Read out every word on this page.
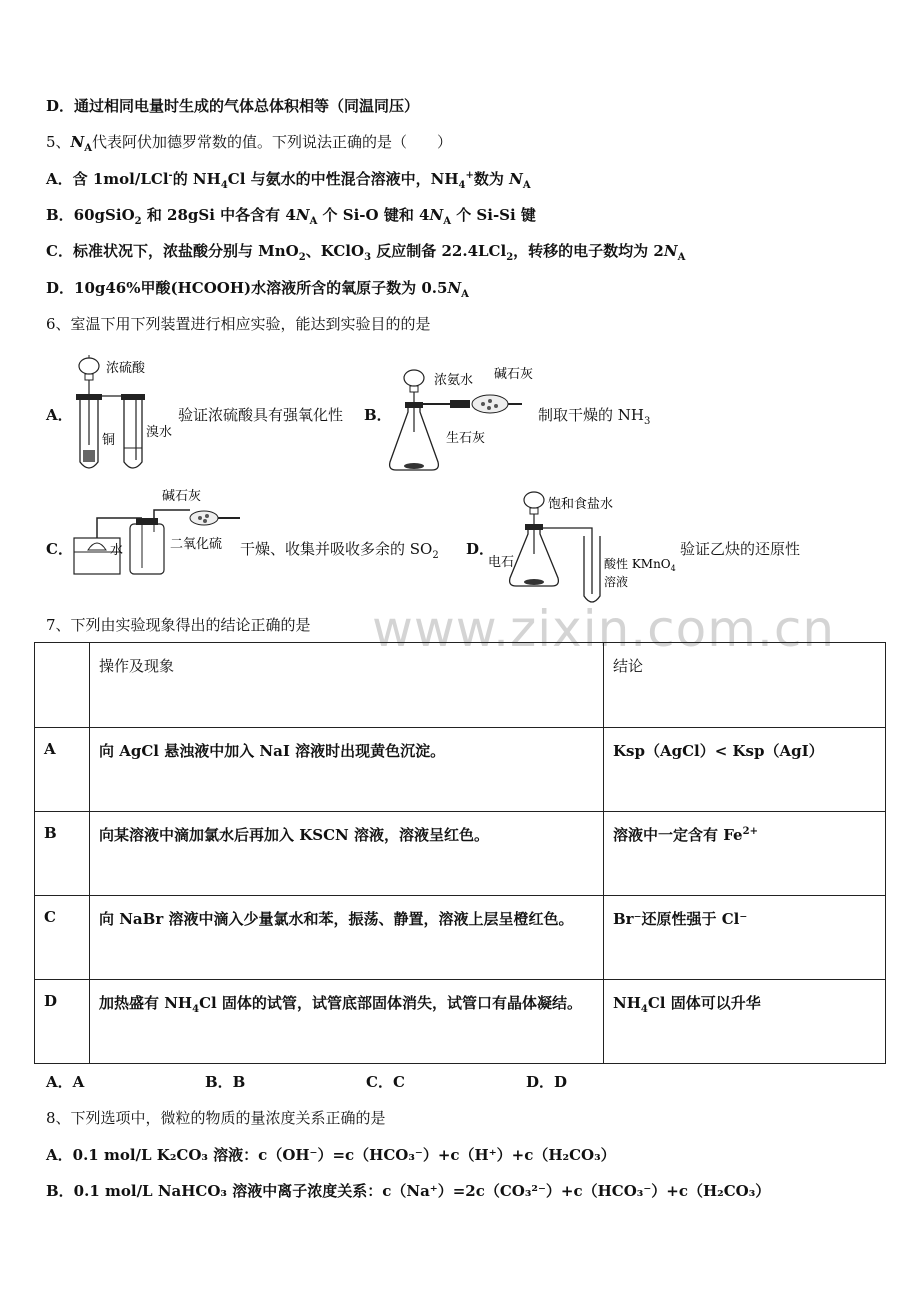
D．通过相同电量时生成的气体总体积相等（同温同压）
5、$N_A$代表阿伏加德罗常数的值。下列说法正确的是（　　）
A．含 1mol/LCl-的 $NH_4Cl$ 与氨水的中性混合溶液中，$NH_4^+$数为 $N_A$
B．60gSiO$_2$ 和 28gSi 中各含有 $4N_A$ 个 Si-O 键和 $4N_A$ 个 Si-Si 键
C．标准状况下，浓盐酸分别与 MnO$_2$、KClO$_3$ 反应制备 22.4LCl$_2$，转移的电子数均为 $2N_A$
D．10g46%甲酸(HCOOH)水溶液所含的氧原子数为 $0.5N_A$
6、室温下用下列装置进行相应实验，能达到实验目的的是
A．
浓硫酸
铜
溴水
验证浓硫酸具有强氧化性 B．
浓氨水 碱石灰
生石灰
制取干燥的 $NH_3$
C．
碱石灰
水	二氧化硫 干燥、收集并吸收多余的 $SO_2$ D．
饱和食盐水
电石	酸性 KMnO$_4$
溶液
验证乙炔的还原性
www.zixin.com.cn
7、下列由实验现象得出的结论正确的是
	操作及现象	结论
A	向 AgCl 悬浊液中加入 NaI 溶液时出现黄色沉淀。	Ksp（AgCl）< Ksp（AgI）
B	向某溶液中滴加氯水后再加入 KSCN 溶液，溶液呈红色。	溶液中一定含有 $Fe^{2+}$
C	向 NaBr 溶液中滴入少量氯水和苯，振荡、静置，溶液上层呈橙红色。	Br⁻还原性强于 Cl⁻
D	加热盛有 $NH_4Cl$ 固体的试管，试管底部固体消失，试管口有晶体凝结。	$NH_4Cl$ 固体可以升华
A．A	B．B	C．C	D．D
8、下列选项中，微粒的物质的量浓度关系正确的是
A．0.1 mol/L K₂CO₃ 溶液：c（OH⁻）=c（HCO₃⁻）+c（H⁺）+c（H₂CO₃）
B．0.1 mol/L NaHCO₃ 溶液中离子浓度关系：c（Na⁺）=2c（CO₃²⁻）+c（HCO₃⁻）+c（H₂CO₃）
